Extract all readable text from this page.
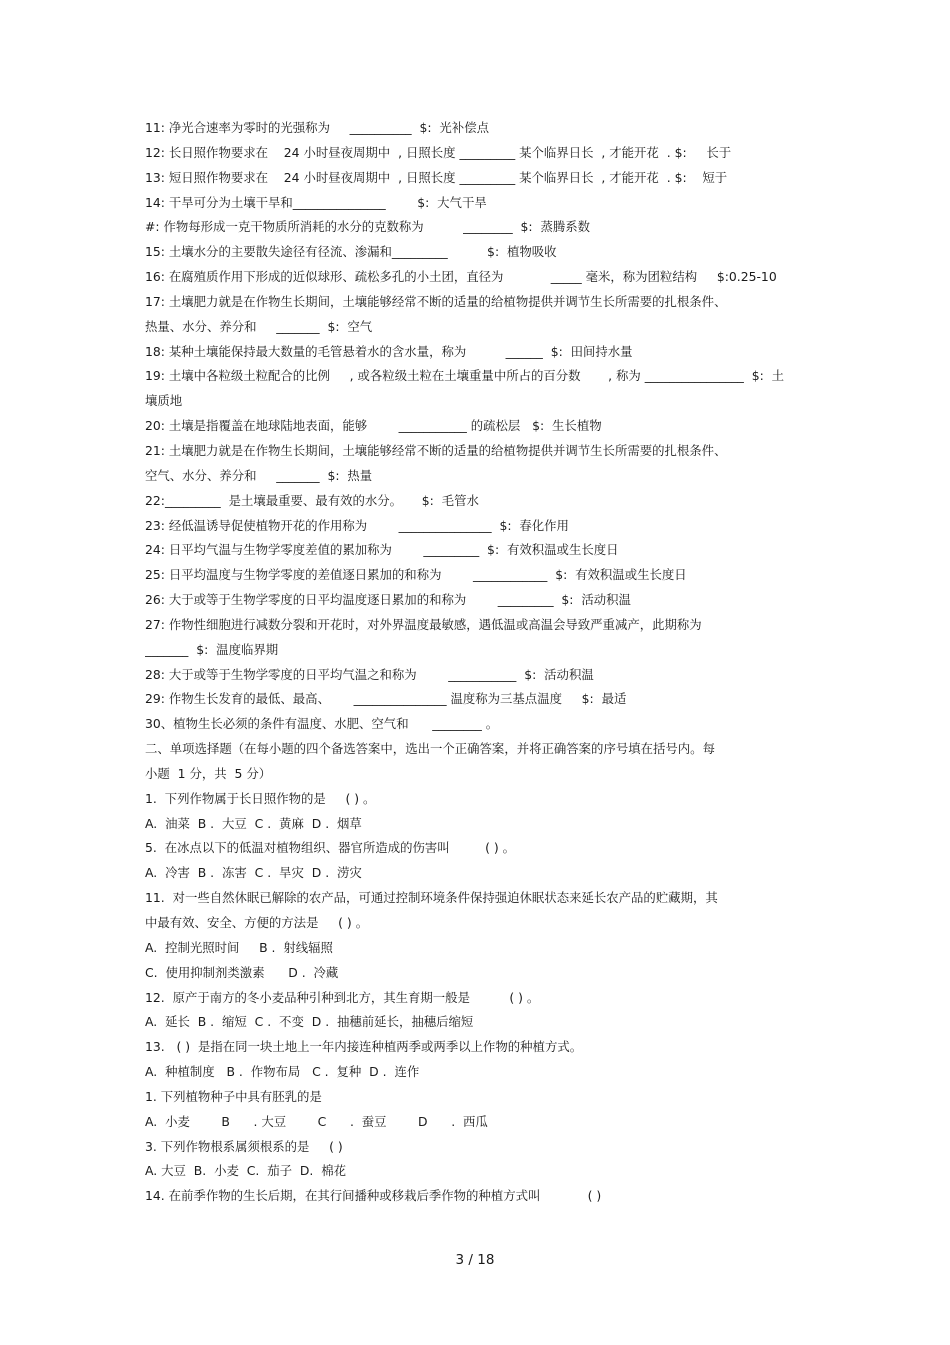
11: 净光合速率为零时的光强称为     __________  $:  光补偿点
12: 长日照作物要求在    24 小时昼夜周期中  , 日照长度 _________ 某个临界日长  , 才能开花  . $:     长于
13: 短日照作物要求在    24 小时昼夜周期中  , 日照长度 _________ 某个临界日长  , 才能开花  . $:    短于
14: 干旱可分为土壤干旱和_______________        $:  大气干旱
#: 作物每形成一克干物质所消耗的水分的克数称为          ________  $:  蒸腾系数
15: 土壤水分的主要散失途径有径流、渗漏和_________          $:  植物吸收
16: 在腐殖质作用下形成的近似球形、疏松多孔的小土团，直径为            _____ 毫米，称为团粒结构     $:0.25-10
17: 土壤肥力就是在作物生长期间，土壤能够经常不断的适量的给植物提供并调节生长所需要的扎根条件、
热量、水分、养分和     _______  $:  空气
18: 某种土壤能保持最大数量的毛管悬着水的含水量，称为          ______  $:  田间持水量
19: 土壤中各粒级土粒配合的比例     , 或各粒级土粒在土壤重量中所占的百分数       , 称为 ________________  $:  土
壤质地
20: 土壤是指覆盖在地球陆地表面，能够        ___________ 的疏松层   $:  生长植物
21: 土壤肥力就是在作物生长期间，土壤能够经常不断的适量的给植物提供并调节生长所需要的扎根条件、
空气、水分、养分和     _______  $:  热量
22:_________  是土壤最重要、最有效的水分。     $:  毛管水
23: 经低温诱导促使植物开花的作用称为        _______________  $:  春化作用
24: 日平均气温与生物学零度差值的累加称为        _________  $:  有效积温或生长度日
25: 日平均温度与生物学零度的差值逐日累加的和称为        ____________  $:  有效积温或生长度日
26: 大于或等于生物学零度的日平均温度逐日累加的和称为        _________  $:  活动积温
27: 作物性细胞进行减数分裂和开花时，对外界温度最敏感，遇低温或高温会导致严重减产，此期称为
_______  $:  温度临界期
28: 大于或等于生物学零度的日平均气温之和称为        ___________  $:  活动积温
29: 作物生长发育的最低、最高、      _______________ 温度称为三基点温度     $:  最适
30、植物生长必须的条件有温度、水肥、空气和      ________ 。
二、单项选择题（在每小题的四个备选答案中，选出一个正确答案，并将正确答案的序号填在括号内。每
小题  1 分，共  5 分）
1.  下列作物属于长日照作物的是     ( ) 。
A.  油菜  B .  大豆  C .  黄麻  D .  烟草
5.  在冰点以下的低温对植物组织、器官所造成的伤害叫         ( ) 。
A.  冷害  B .  冻害  C .  旱灾  D .  涝灾
11.  对一些自然休眠已解除的农产品，可通过控制环境条件保持强迫休眠状态来延长农产品的贮藏期，其
中最有效、安全、方便的方法是     ( ) 。
A.  控制光照时间     B .  射线辐照
C.  使用抑制剂类激素      D .  冷藏
12.  原产于南方的冬小麦品种引种到北方，其生育期一般是          ( ) 。
A.  延长  B .  缩短  C .  不变  D .  抽穗前延长，抽穗后缩短
13.   ( )  是指在同一块土地上一年内接连种植两季或两季以上作物的种植方式。
A.  种植制度   B .  作物布局   C .  复种  D .  连作
1. 下列植物种子中具有胚乳的是
A.  小麦        B      . 大豆        C      .  蚕豆        D      .  西瓜
3. 下列作物根系属须根系的是     ( )
A. 大豆  B.  小麦  C.  茄子  D.  棉花
14. 在前季作物的生长后期，在其行间播种或移栽后季作物的种植方式叫            ( )
3 / 18
